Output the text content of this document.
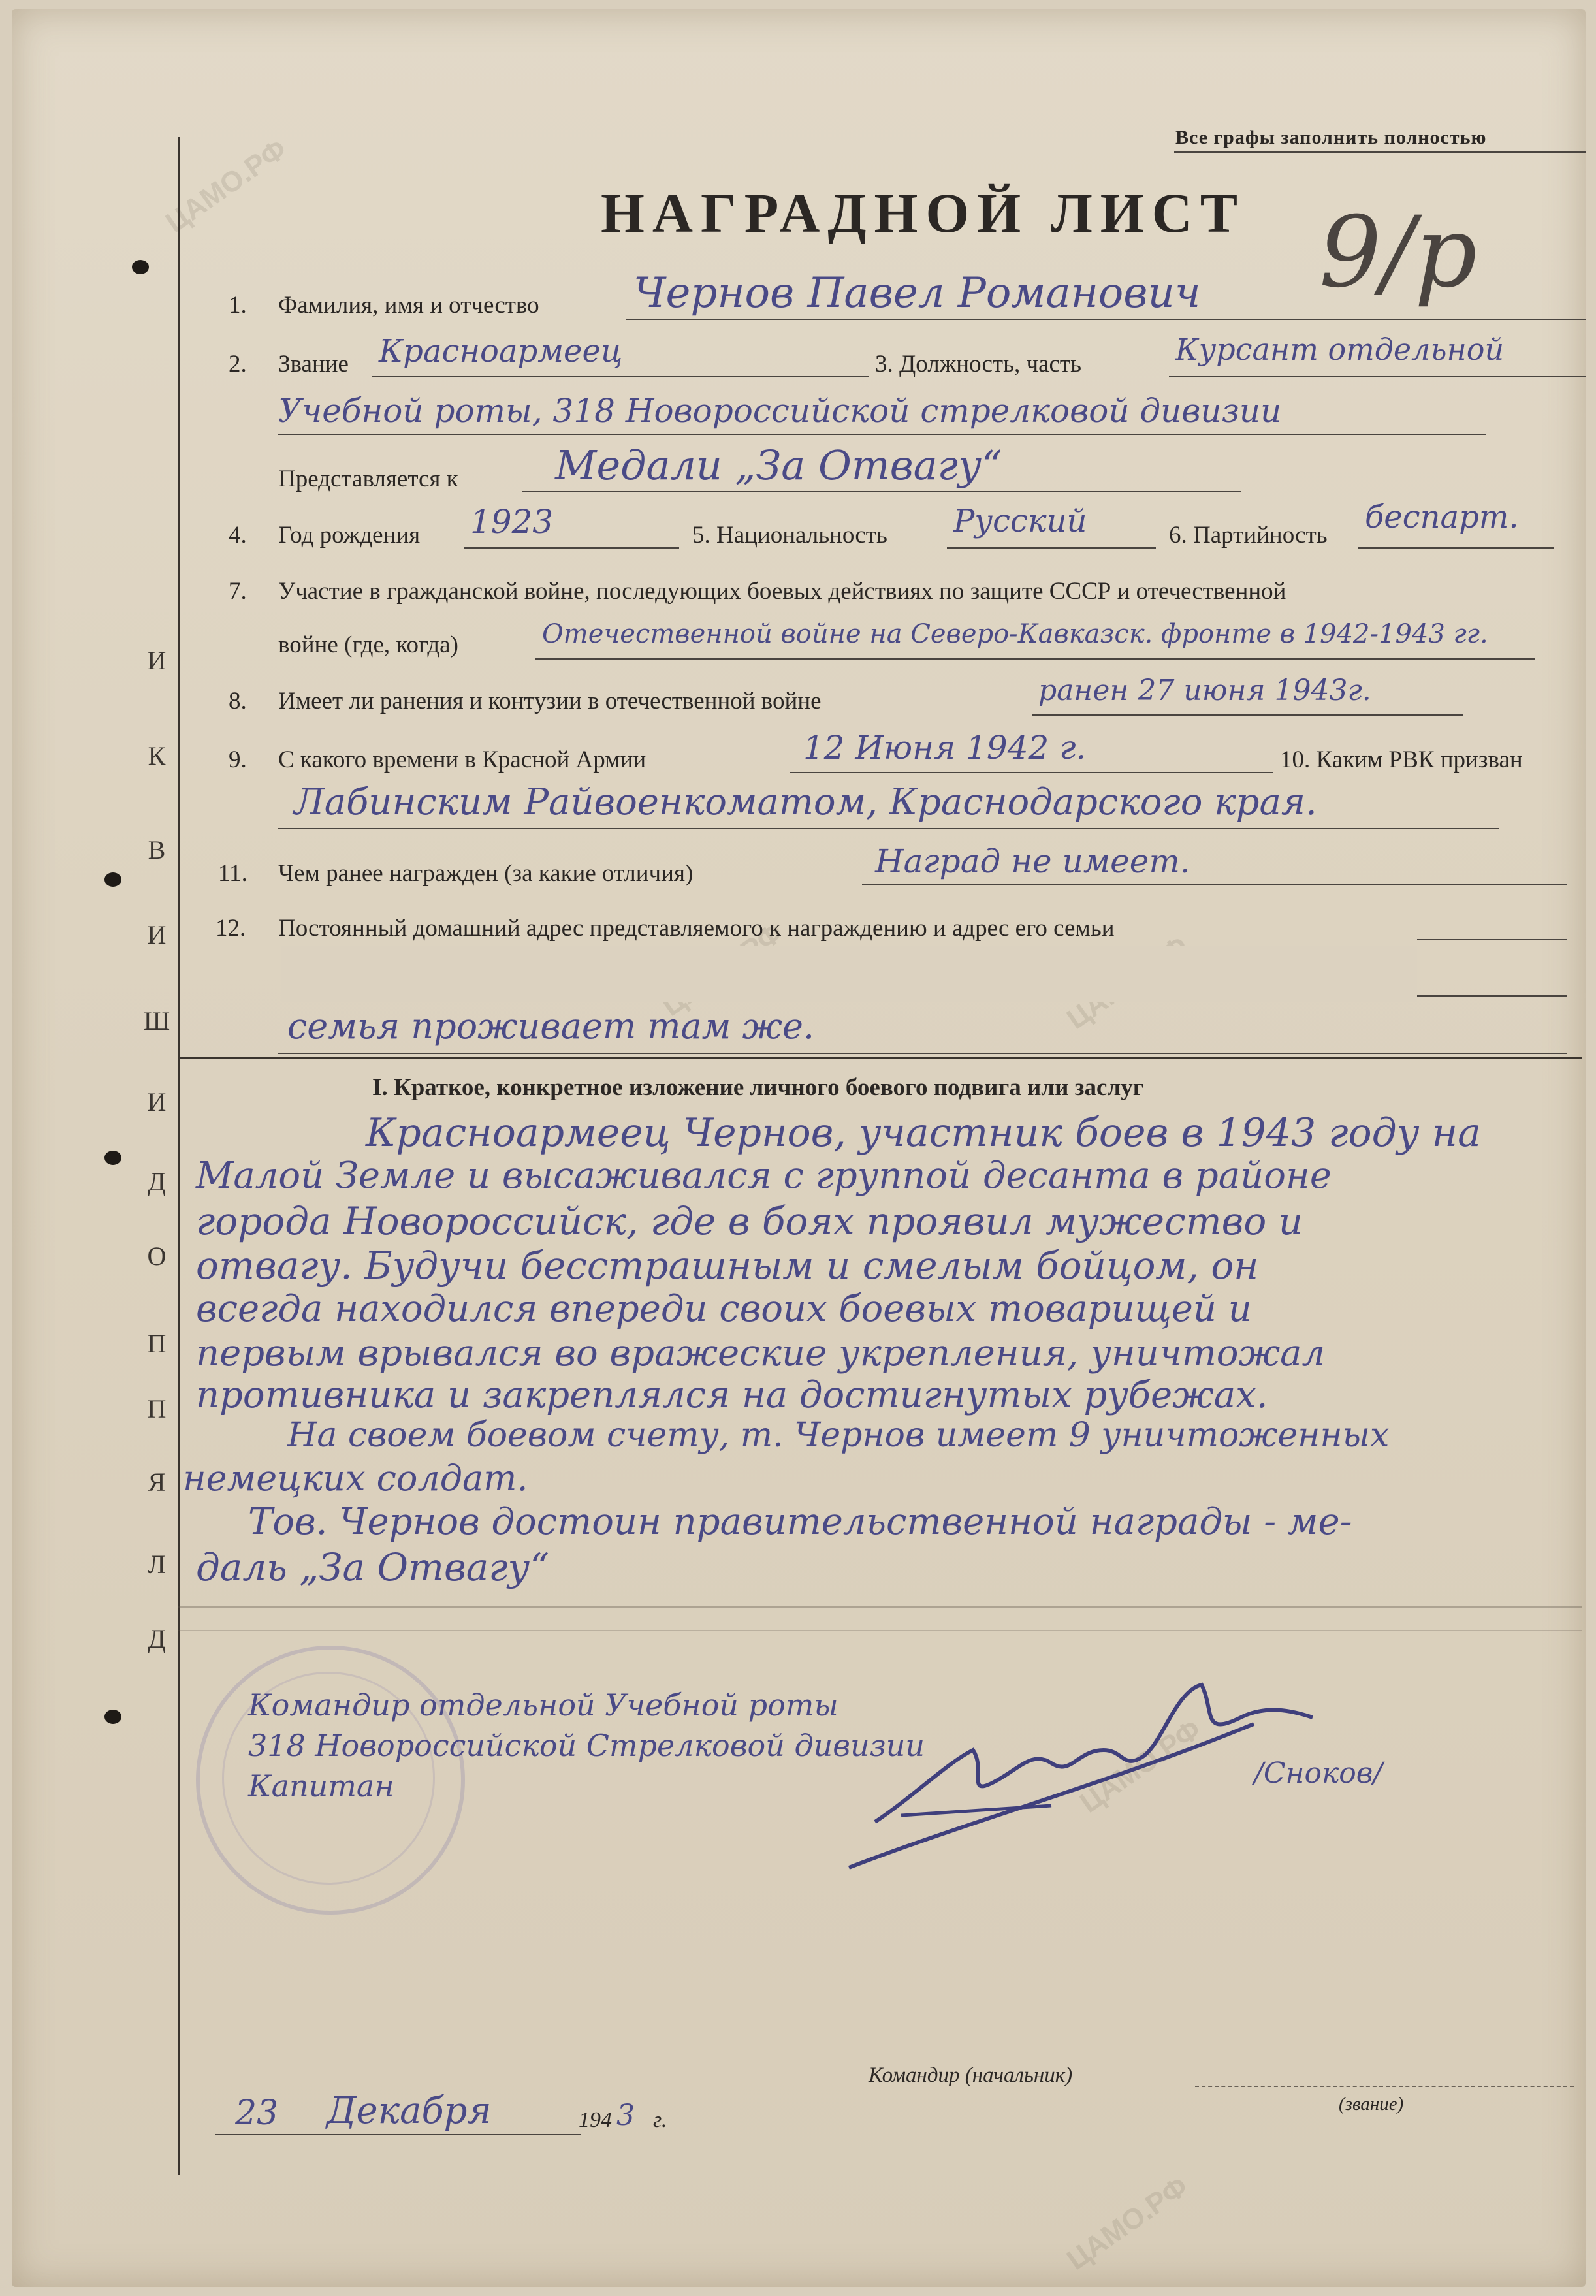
ЦАМО.РФ
ЦАМО.РФ
ЦАМО.РФ
И
К
В
И
Ш
И
Д
О
П
П
Я
Л
Д
Все графы заполнить полностью
НАГРАДНОЙ ЛИСТ 9/р
1. Фамилия, имя и отчество Чернов Павел Романович
2. Звание Красноармеец	3. Должность, часть	Курсант отдельной
Учебной роты, 318 Новороссийской стрелковой дивизии
Представляется к Медали „За Отвагу“
4. Год рождения 1923	5. Национальность Русский	6. Партийность беспарт.
7. Участие в гражданской войне, последующих боевых действиях по защите СССР и отечественной
войне (где, когда)	Отечественной войне на Северо-Кавказск. фронте в 1942-1943 гг.
8. Имеет ли ранения и контузии в отечественной войне	ранен 27 июня 1943г.
9. С какого времени в Красной Армии	12 Июня 1942 г.	10. Каким РВК призван
Лабинским Райвоенкоматом, Краснодарского края.
11. Чем ранее награжден (за какие отличия)	Наград не имеет.
12. Постоянный домашний адрес представляемого к награждению и адрес его семьи
семья проживает там же.
I. Краткое, конкретное изложение личного боевого подвига или заслуг
Красноармеец Чернов, участник боев в 1943 году на
Малой Земле и высаживался с группой десанта в районе
города Новороссийск, где в боях проявил мужество и
отвагу. Будучи бесстрашным и смелым бойцом, он
всегда находился впереди своих боевых товарищей и
первым врывался во вражеские укрепления, уничтожал
противника и закреплялся на достигнутых рубежах.
На своем боевом счету, т. Чернов имеет 9 уничтоженных
немецких солдат.
Тов. Чернов достоин правительственной награды - ме-
даль „За Отвагу“
Командир отдельной Учебной роты
318 Новороссийской Стрелковой дивизии
Капитан	/Сноков/
Командир (начальник)
(звание)
23 Декабря	194 3 г.
